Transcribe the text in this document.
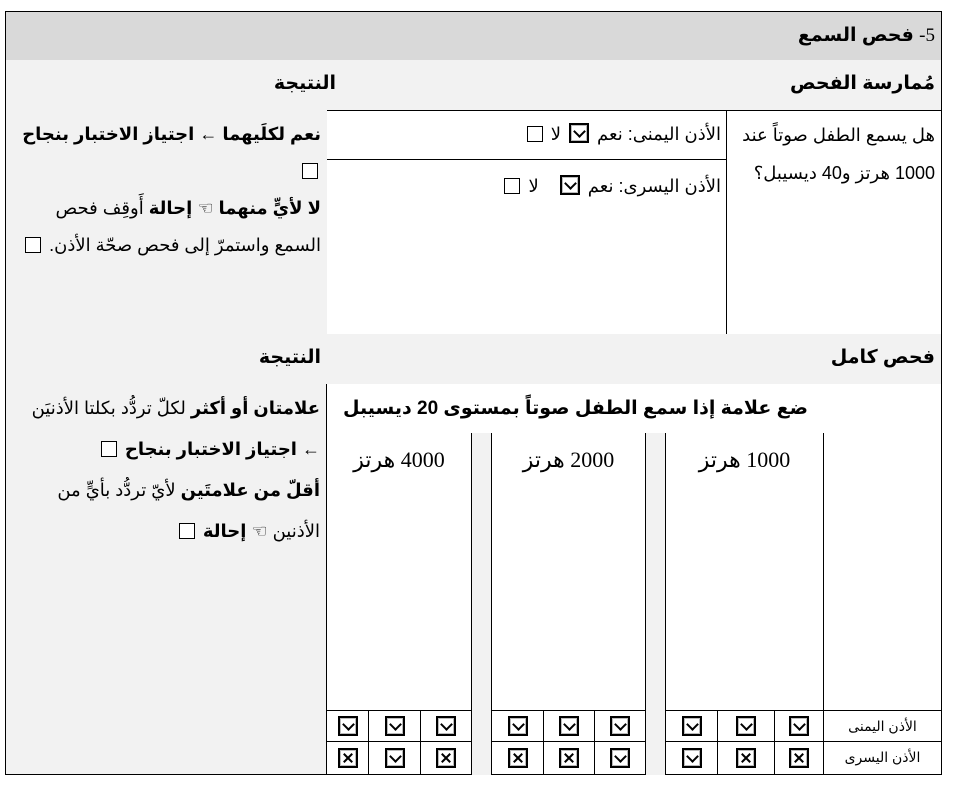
5- فحص السمع
مُمارسة الفحص
النتيجة
هل يسمع الطفل صوتاً عند 1000 هرتز و40 ديسيبل؟
الأذن اليمنى: نعم  لا
الأذن اليسرى: نعم   لا
نعم لكلَيهما ← اجتياز الاختبار بنجاح
لا لأيٍّ منهما ☜ إحالة أَوقِف فحص السمع واستمرّ إلى فحص صحّة الأذن.
فحص كامل
النتيجة
الأذن اليمنى
الأذن اليسرى
ضع علامة إذا سمع الطفل صوتاً بمستوى 20 ديسيبل
4000 هرتز	2000 هرتز	1000 هرتز
علامتان أو أكثر لكلّ تردُّد بكلتا الأذنيَن ← اجتياز الاختبار بنجاح
أقلّ من علامتَين لأيّ تردُّد بأيٍّ من الأذنين ☜ إحالة
